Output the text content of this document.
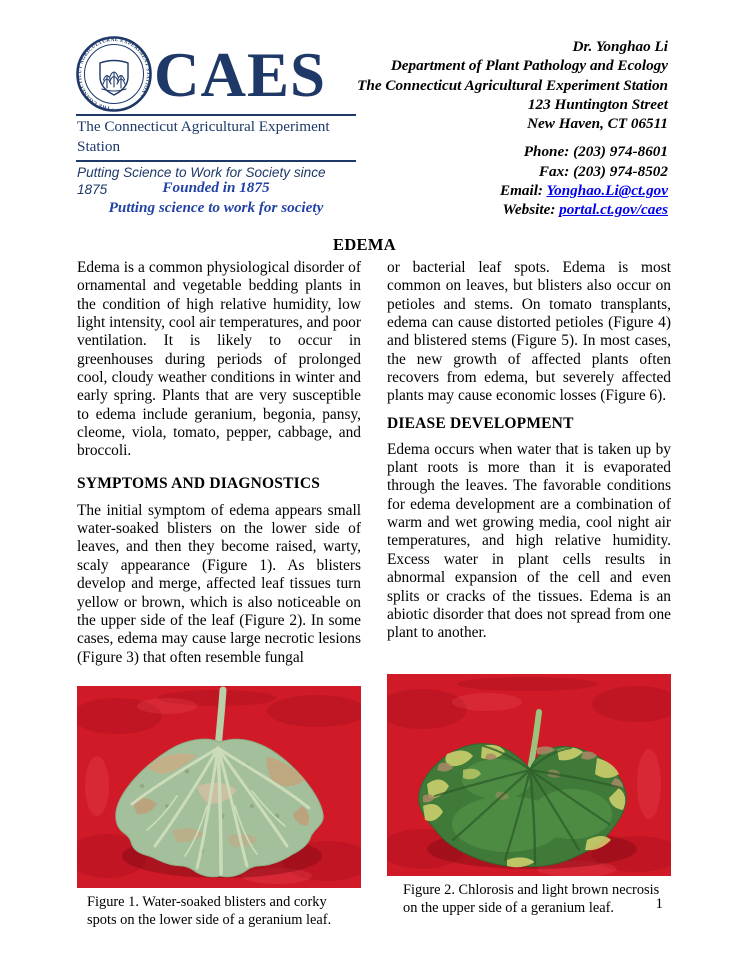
· THE CONNECTICUT AGRICULTURAL EXPERIMENT STATION · CAES
The Connecticut Agricultural Experiment Station
Putting Science to Work for Society since 1875
Dr. Yonghao Li
Department of Plant Pathology and Ecology
The Connecticut Agricultural Experiment Station
123 Huntington Street
New Haven, CT 06511
Phone: (203) 974-8601
Fax: (203) 974-8502
Email: Yonghao.Li@ct.gov
Website: portal.ct.gov/caes
Founded in 1875
Putting science to work for society
EDEMA

Edema is a common physiological disorder of ornamental and vegetable bedding plants in the condition of high relative humidity, low light intensity, cool air temperatures, and poor ventilation. It is likely to occur in greenhouses during periods of prolonged cool, cloudy weather conditions in winter and early spring. Plants that are very susceptible to edema include geranium, begonia, pansy, cleome, viola, tomato, pepper, cabbage, and broccoli.

SYMPTOMS AND DIAGNOSTICS

The initial symptom of edema appears small water-soaked blisters on the lower side of leaves, and then they become raised, warty, scaly appearance (Figure 1). As blisters develop and merge, affected leaf tissues turn yellow or brown, which is also noticeable on the upper side of the leaf (Figure 2). In some cases, edema may cause large necrotic lesions (Figure 3) that often resemble fungal

Figure 1. Water-soaked blisters and corky spots on the lower side of a geranium leaf.

or bacterial leaf spots. Edema is most common on leaves, but blisters also occur on petioles and stems. On tomato transplants, edema can cause distorted petioles (Figure 4) and blistered stems (Figure 5). In most cases, the new growth of affected plants often recovers from edema, but severely affected plants may cause economic losses (Figure 6).

DIEASE DEVELOPMENT

Edema occurs when water that is taken up by plant roots is more than it is evaporated through the leaves. The favorable conditions for edema development are a combination of warm and wet growing media, cool night air temperatures, and high relative humidity. Excess water in plant cells results in abnormal expansion of the cell and even splits or cracks of the tissues. Edema is an abiotic disorder that does not spread from one plant to another.

Figure 2. Chlorosis and light brown necrosis on the upper side of a geranium leaf.	1
